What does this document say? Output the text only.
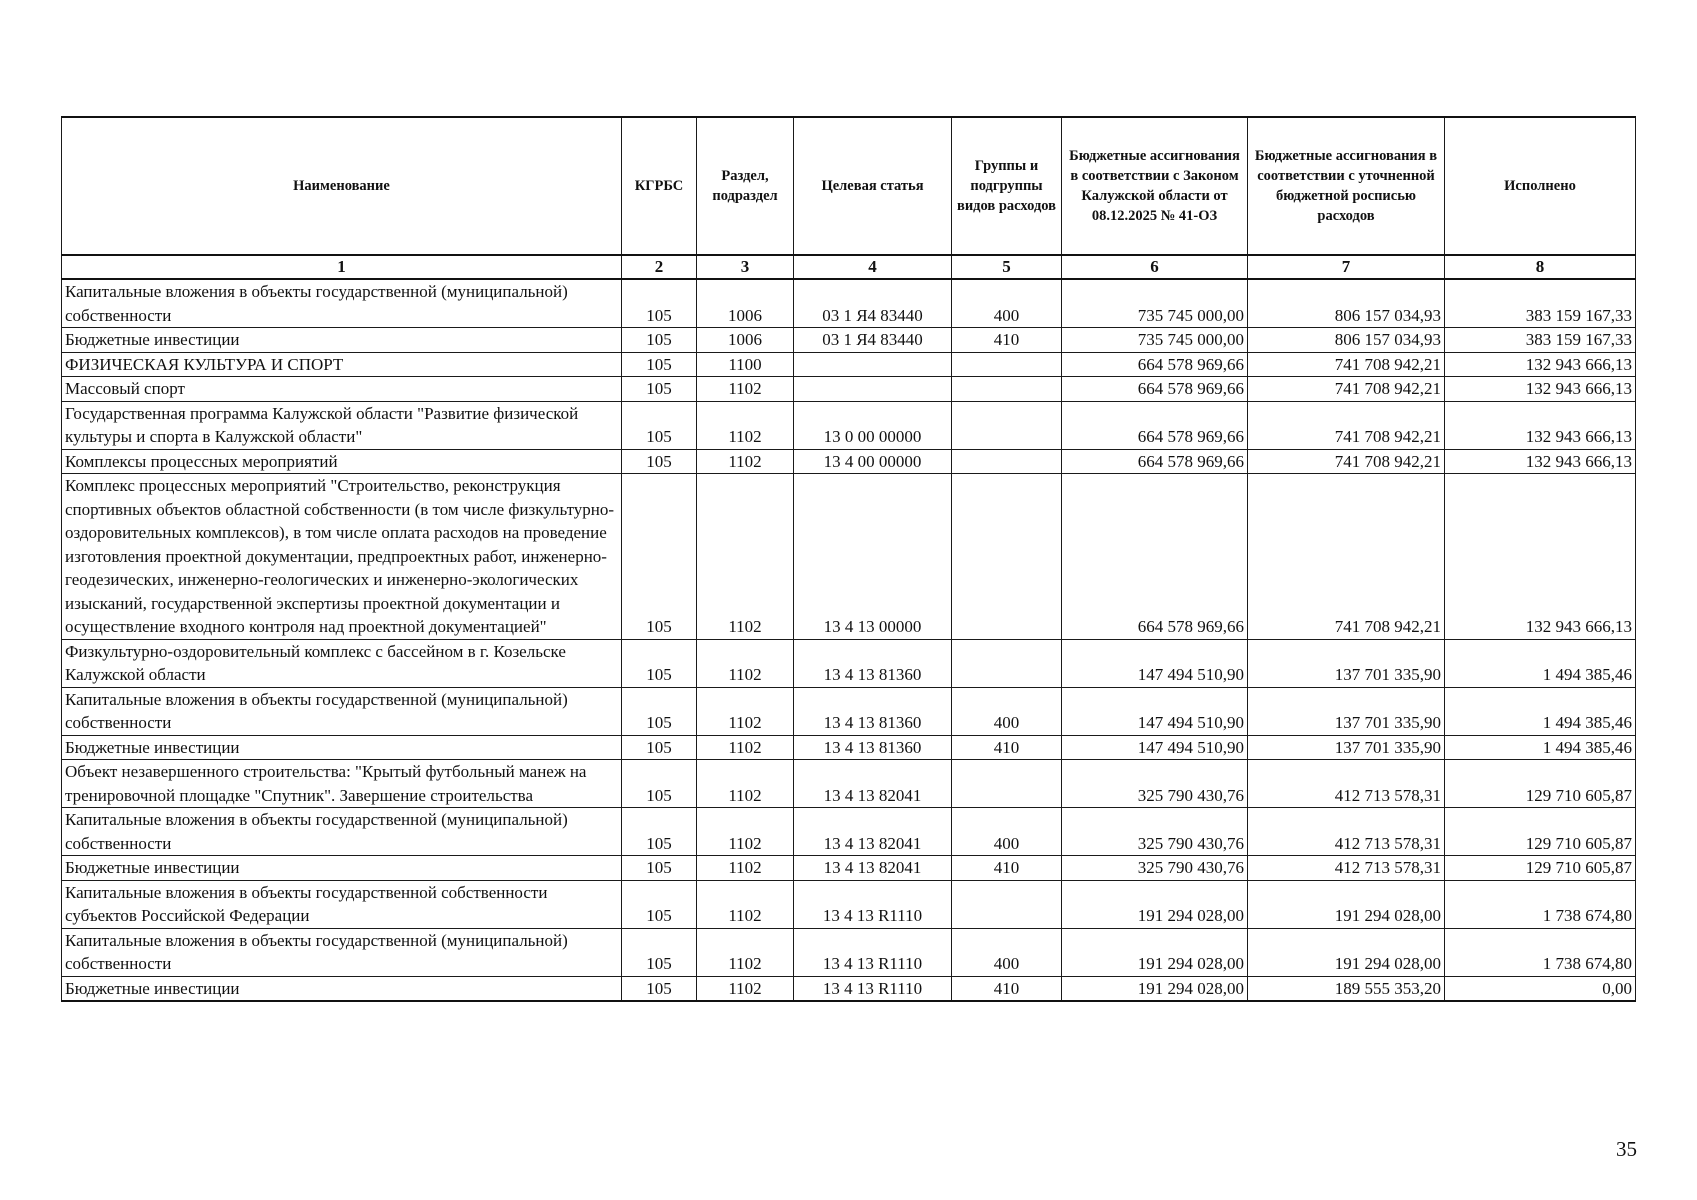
Наименование	КГРБС	Раздел, подраздел	Целевая статья	Группы и подгруппы видов расходов	Бюджетные ассигнования в соответствии с Законом Калужской области от 08.12.2025 № 41-ОЗ	Бюджетные ассигнования в соответствии с уточненной бюджетной росписью расходов	Исполнено
1	2	3	4	5	6	7	8
Капитальные вложения в объекты государственной (муниципальной) собственности	105	1006	03 1 Я4 83440	400	735 745 000,00	806 157 034,93	383 159 167,33
Бюджетные инвестиции	105	1006	03 1 Я4 83440	410	735 745 000,00	806 157 034,93	383 159 167,33
ФИЗИЧЕСКАЯ КУЛЬТУРА И СПОРТ	105	1100			664 578 969,66	741 708 942,21	132 943 666,13
Массовый спорт	105	1102			664 578 969,66	741 708 942,21	132 943 666,13
Государственная программа Калужской области "Развитие физической культуры и спорта в Калужской области"	105	1102	13 0 00 00000		664 578 969,66	741 708 942,21	132 943 666,13
Комплексы процессных мероприятий	105	1102	13 4 00 00000		664 578 969,66	741 708 942,21	132 943 666,13
Комплекс процессных мероприятий "Строительство, реконструкция спортивных объектов областной собственности (в том числе физкультурно-оздоровительных комплексов), в том числе оплата расходов на проведение изготовления проектной документации, предпроектных работ, инженерно-геодезических, инженерно-геологических и инженерно-экологических изысканий, государственной экспертизы проектной документации и осуществление входного контроля над проектной документацией"	105	1102	13 4 13 00000		664 578 969,66	741 708 942,21	132 943 666,13
Физкультурно-оздоровительный комплекс с бассейном в г. Козельске Калужской области	105	1102	13 4 13 81360		147 494 510,90	137 701 335,90	1 494 385,46
Капитальные вложения в объекты государственной (муниципальной) собственности	105	1102	13 4 13 81360	400	147 494 510,90	137 701 335,90	1 494 385,46
Бюджетные инвестиции	105	1102	13 4 13 81360	410	147 494 510,90	137 701 335,90	1 494 385,46
Объект незавершенного строительства: "Крытый футбольный манеж на тренировочной площадке "Спутник". Завершение строительства	105	1102	13 4 13 82041		325 790 430,76	412 713 578,31	129 710 605,87
Капитальные вложения в объекты государственной (муниципальной) собственности	105	1102	13 4 13 82041	400	325 790 430,76	412 713 578,31	129 710 605,87
Бюджетные инвестиции	105	1102	13 4 13 82041	410	325 790 430,76	412 713 578,31	129 710 605,87
Капитальные вложения в объекты государственной собственности субъектов Российской Федерации	105	1102	13 4 13 R1110		191 294 028,00	191 294 028,00	1 738 674,80
Капитальные вложения в объекты государственной (муниципальной) собственности	105	1102	13 4 13 R1110	400	191 294 028,00	191 294 028,00	1 738 674,80
Бюджетные инвестиции	105	1102	13 4 13 R1110	410	191 294 028,00	189 555 353,20	0,00
35
